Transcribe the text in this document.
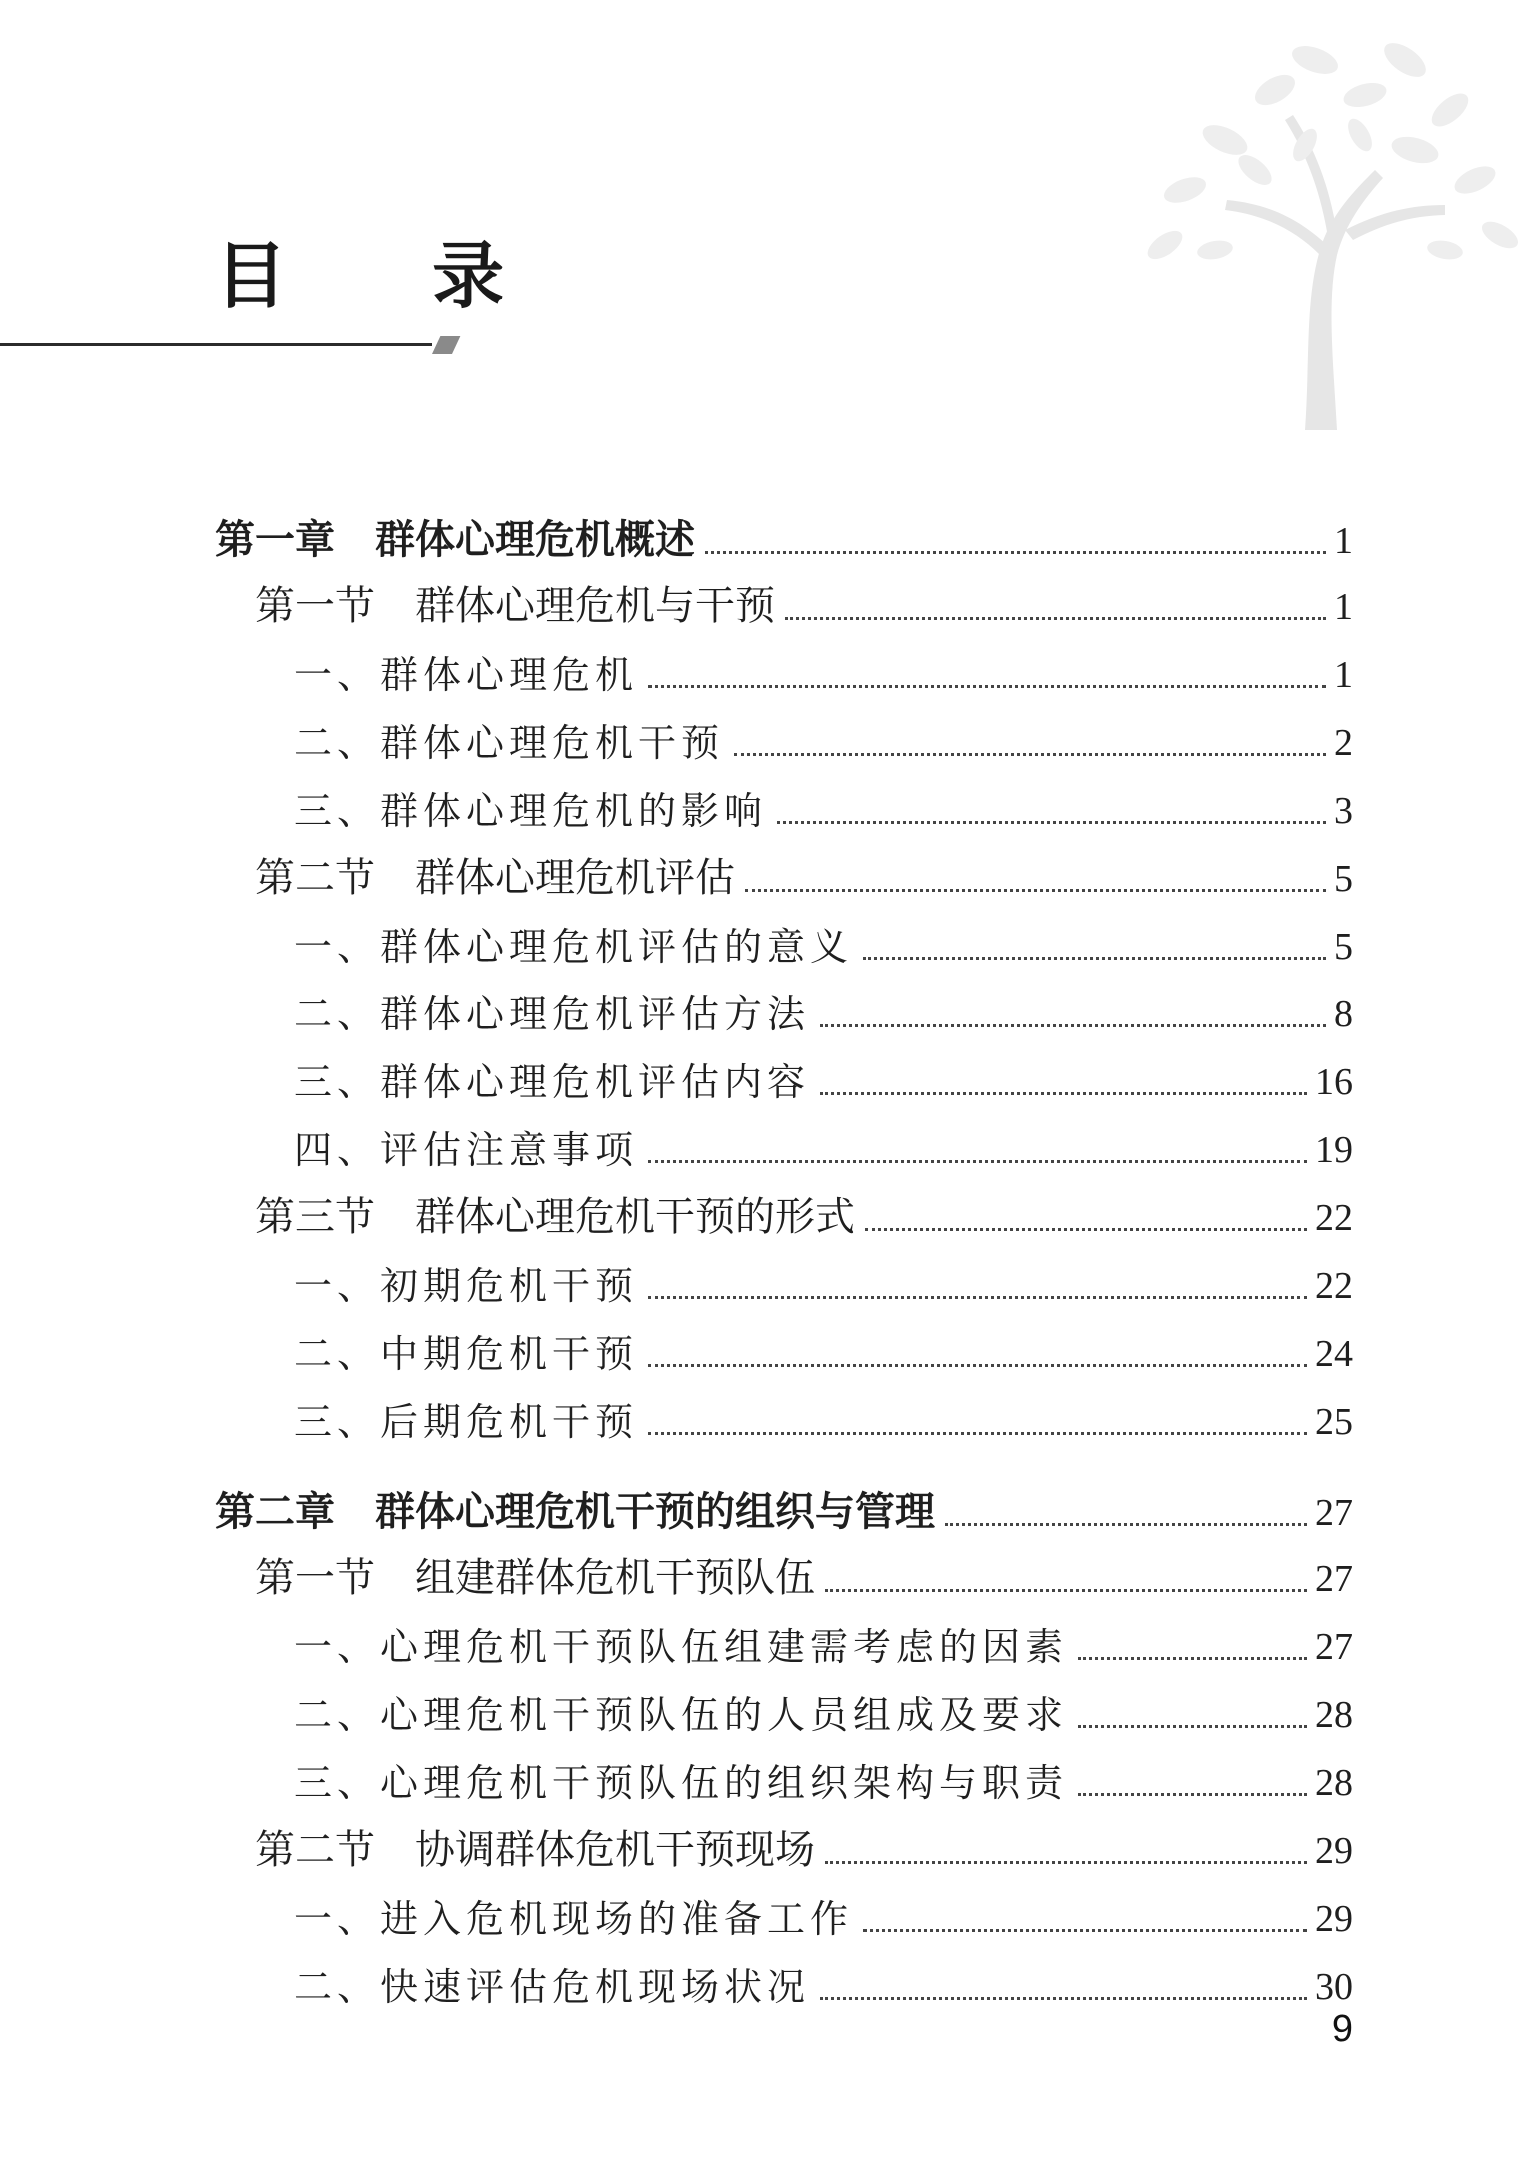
目 录
第一章　群体心理危机概述	1
第一节　群体心理危机与干预	1
一、群体心理危机	1
二、群体心理危机干预	2
三、群体心理危机的影响	3
第二节　群体心理危机评估	5
一、群体心理危机评估的意义	5
二、群体心理危机评估方法	8
三、群体心理危机评估内容	16
四、评估注意事项	19
第三节　群体心理危机干预的形式	22
一、初期危机干预	22
二、中期危机干预	24
三、后期危机干预	25
第二章　群体心理危机干预的组织与管理	27
第一节　组建群体危机干预队伍	27
一、心理危机干预队伍组建需考虑的因素	27
二、心理危机干预队伍的人员组成及要求	28
三、心理危机干预队伍的组织架构与职责	28
第二节　协调群体危机干预现场	29
一、进入危机现场的准备工作	29
二、快速评估危机现场状况	30

9
